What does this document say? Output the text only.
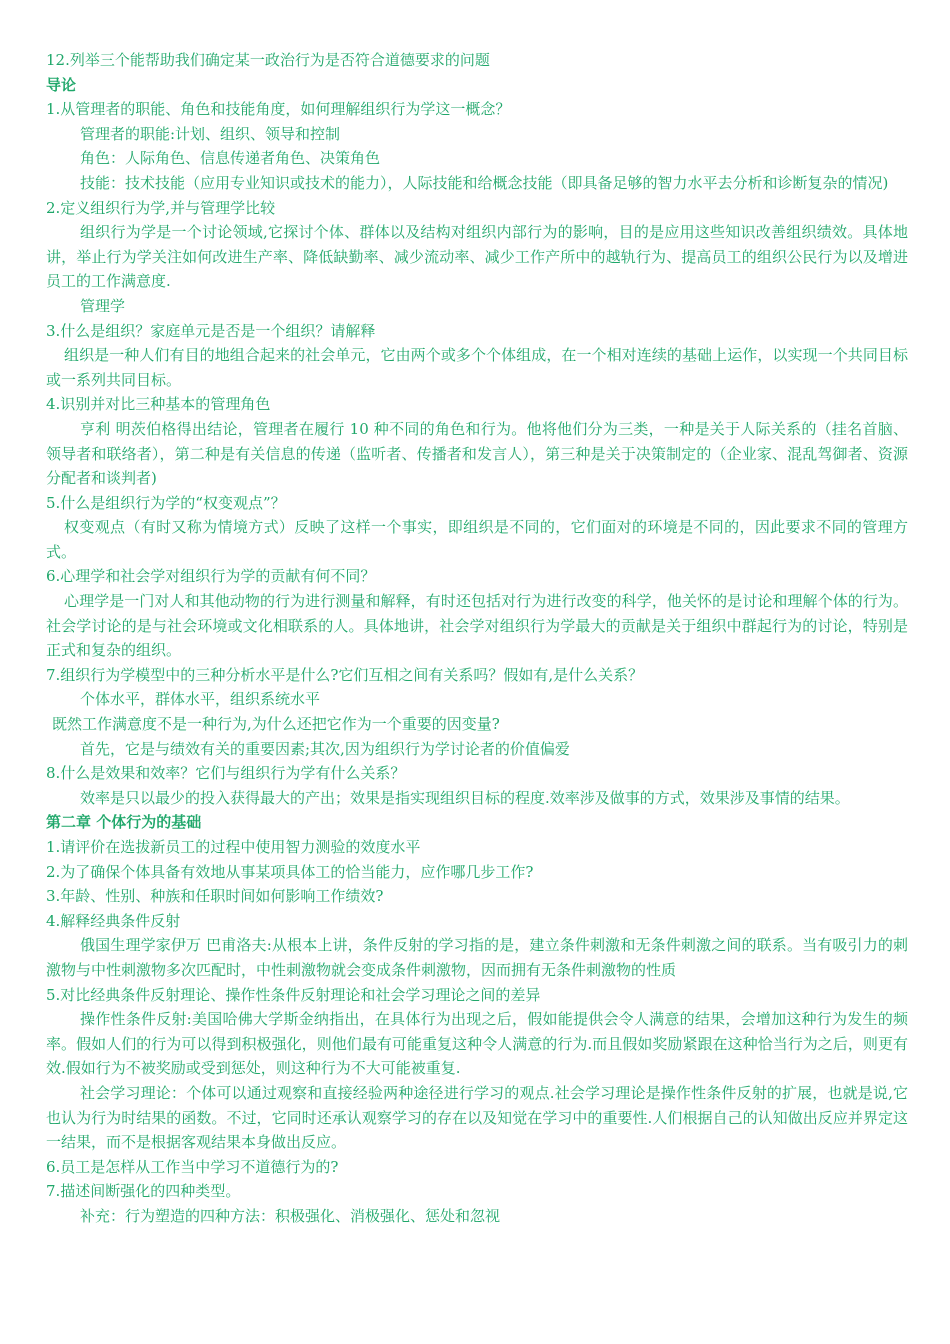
12.列举三个能帮助我们确定某一政治行为是否符合道德要求的问题

导论

1.从管理者的职能、角色和技能角度，如何理解组织行为学这一概念？

管理者的职能:计划、组织、领导和控制

角色：人际角色、信息传递者角色、决策角色

技能：技术技能（应用专业知识或技术的能力），人际技能和给概念技能（即具备足够的智力水平去分析和诊断复杂的情况)

2.定义组织行为学,并与管理学比较

组织行为学是一个讨论领域,它探讨个体、群体以及结构对组织内部行为的影响，目的是应用这些知识改善组织绩效。具体地讲，举止行为学关注如何改进生产率、降低缺勤率、减少流动率、减少工作产所中的越轨行为、提高员工的组织公民行为以及增进员工的工作满意度.

管理学

3.什么是组织？家庭单元是否是一个组织？请解释

组织是一种人们有目的地组合起来的社会单元，它由两个或多个个体组成，在一个相对连续的基础上运作，以实现一个共同目标或一系列共同目标。

4.识别并对比三种基本的管理角色

亨利 明茨伯格得出结论，管理者在履行 10 种不同的角色和行为。他将他们分为三类，一种是关于人际关系的（挂名首脑、领导者和联络者），第二种是有关信息的传递（监听者、传播者和发言人），第三种是关于决策制定的（企业家、混乱驾御者、资源分配者和谈判者)

5.什么是组织行为学的“权变观点”？

权变观点（有时又称为情境方式）反映了这样一个事实，即组织是不同的，它们面对的环境是不同的，因此要求不同的管理方式。

6.心理学和社会学对组织行为学的贡献有何不同？

心理学是一门对人和其他动物的行为进行测量和解释，有时还包括对行为进行改变的科学，他关怀的是讨论和理解个体的行为。社会学讨论的是与社会环境或文化相联系的人。具体地讲，社会学对组织行为学最大的贡献是关于组织中群起行为的讨论，特别是正式和复杂的组织。

7.组织行为学模型中的三种分析水平是什么?它们互相之间有关系吗？假如有,是什么关系？

个体水平，群体水平，组织系统水平

既然工作满意度不是一种行为,为什么还把它作为一个重要的因变量?

首先，它是与绩效有关的重要因素;其次,因为组织行为学讨论者的价值偏爱

8.什么是效果和效率？它们与组织行为学有什么关系？

效率是只以最少的投入获得最大的产出；效果是指实现组织目标的程度.效率涉及做事的方式，效果涉及事情的结果。

第二章 个体行为的基础

1.请评价在选拔新员工的过程中使用智力测验的效度水平

2.为了确保个体具备有效地从事某项具体工的恰当能力，应作哪几步工作?

3.年龄、性别、种族和任职时间如何影响工作绩效?

4.解释经典条件反射

俄国生理学家伊万 巴甫洛夫:从根本上讲，条件反射的学习指的是，建立条件刺激和无条件刺激之间的联系。当有吸引力的刺激物与中性刺激物多次匹配时，中性刺激物就会变成条件刺激物，因而拥有无条件刺激物的性质

5.对比经典条件反射理论、操作性条件反射理论和社会学习理论之间的差异

操作性条件反射:美国哈佛大学斯金纳指出，在具体行为出现之后，假如能提供会令人满意的结果，会增加这种行为发生的频率。假如人们的行为可以得到积极强化，则他们最有可能重复这种令人满意的行为.而且假如奖励紧跟在这种恰当行为之后，则更有效.假如行为不被奖励或受到惩处，则这种行为不大可能被重复.

社会学习理论：个体可以通过观察和直接经验两种途径进行学习的观点.社会学习理论是操作性条件反射的扩展，也就是说,它也认为行为时结果的函数。不过，它同时还承认观察学习的存在以及知觉在学习中的重要性.人们根据自己的认知做出反应并界定这一结果，而不是根据客观结果本身做出反应。

6.员工是怎样从工作当中学习不道德行为的?

7.描述间断强化的四种类型。

补充：行为塑造的四种方法：积极强化、消极强化、惩处和忽视
